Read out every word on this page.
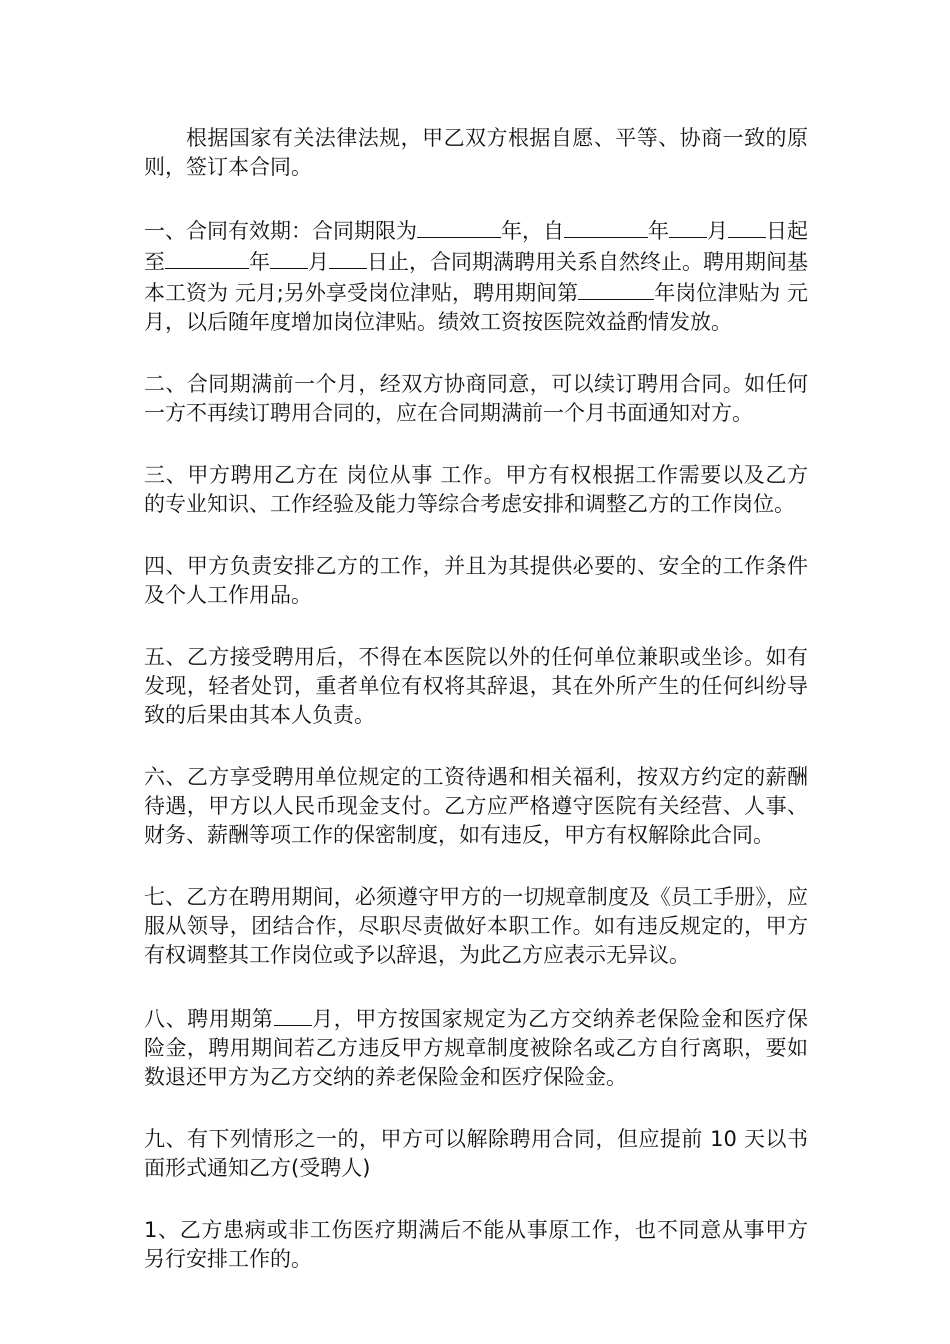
根据国家有关法律法规，甲乙双方根据自愿、平等、协商一致的原则，签订本合同。

一、合同有效期：合同期限为	年，自	年 月 日起至	年 月 日止，合同期满聘用关系自然终止。聘用期间基本工资为 元月;另外享受岗位津贴，聘用期间第	年岗位津贴为 元月，以后随年度增加岗位津贴。绩效工资按医院效益酌情发放。

二、合同期满前一个月，经双方协商同意，可以续订聘用合同。如任何一方不再续订聘用合同的，应在合同期满前一个月书面通知对方。

三、甲方聘用乙方在 岗位从事 工作。甲方有权根据工作需要以及乙方的专业知识、工作经验及能力等综合考虑安排和调整乙方的工作岗位。

四、甲方负责安排乙方的工作，并且为其提供必要的、安全的工作条件及个人工作用品。

五、乙方接受聘用后，不得在本医院以外的任何单位兼职或坐诊。如有发现，轻者处罚，重者单位有权将其辞退，其在外所产生的任何纠纷导致的后果由其本人负责。

六、乙方享受聘用单位规定的工资待遇和相关福利，按双方约定的薪酬待遇，甲方以人民币现金支付。乙方应严格遵守医院有关经营、人事、财务、薪酬等项工作的保密制度，如有违反，甲方有权解除此合同。

七、乙方在聘用期间，必须遵守甲方的一切规章制度及《员工手册》，应服从领导，团结合作，尽职尽责做好本职工作。如有违反规定的，甲方有权调整其工作岗位或予以辞退，为此乙方应表示无异议。

八、聘用期第 月，甲方按国家规定为乙方交纳养老保险金和医疗保险金，聘用期间若乙方违反甲方规章制度被除名或乙方自行离职，要如数退还甲方为乙方交纳的养老保险金和医疗保险金。

九、有下列情形之一的，甲方可以解除聘用合同，但应提前 10 天以书面形式通知乙方(受聘人)

1、乙方患病或非工伤医疗期满后不能从事原工作，也不同意从事甲方另行安排工作的。
